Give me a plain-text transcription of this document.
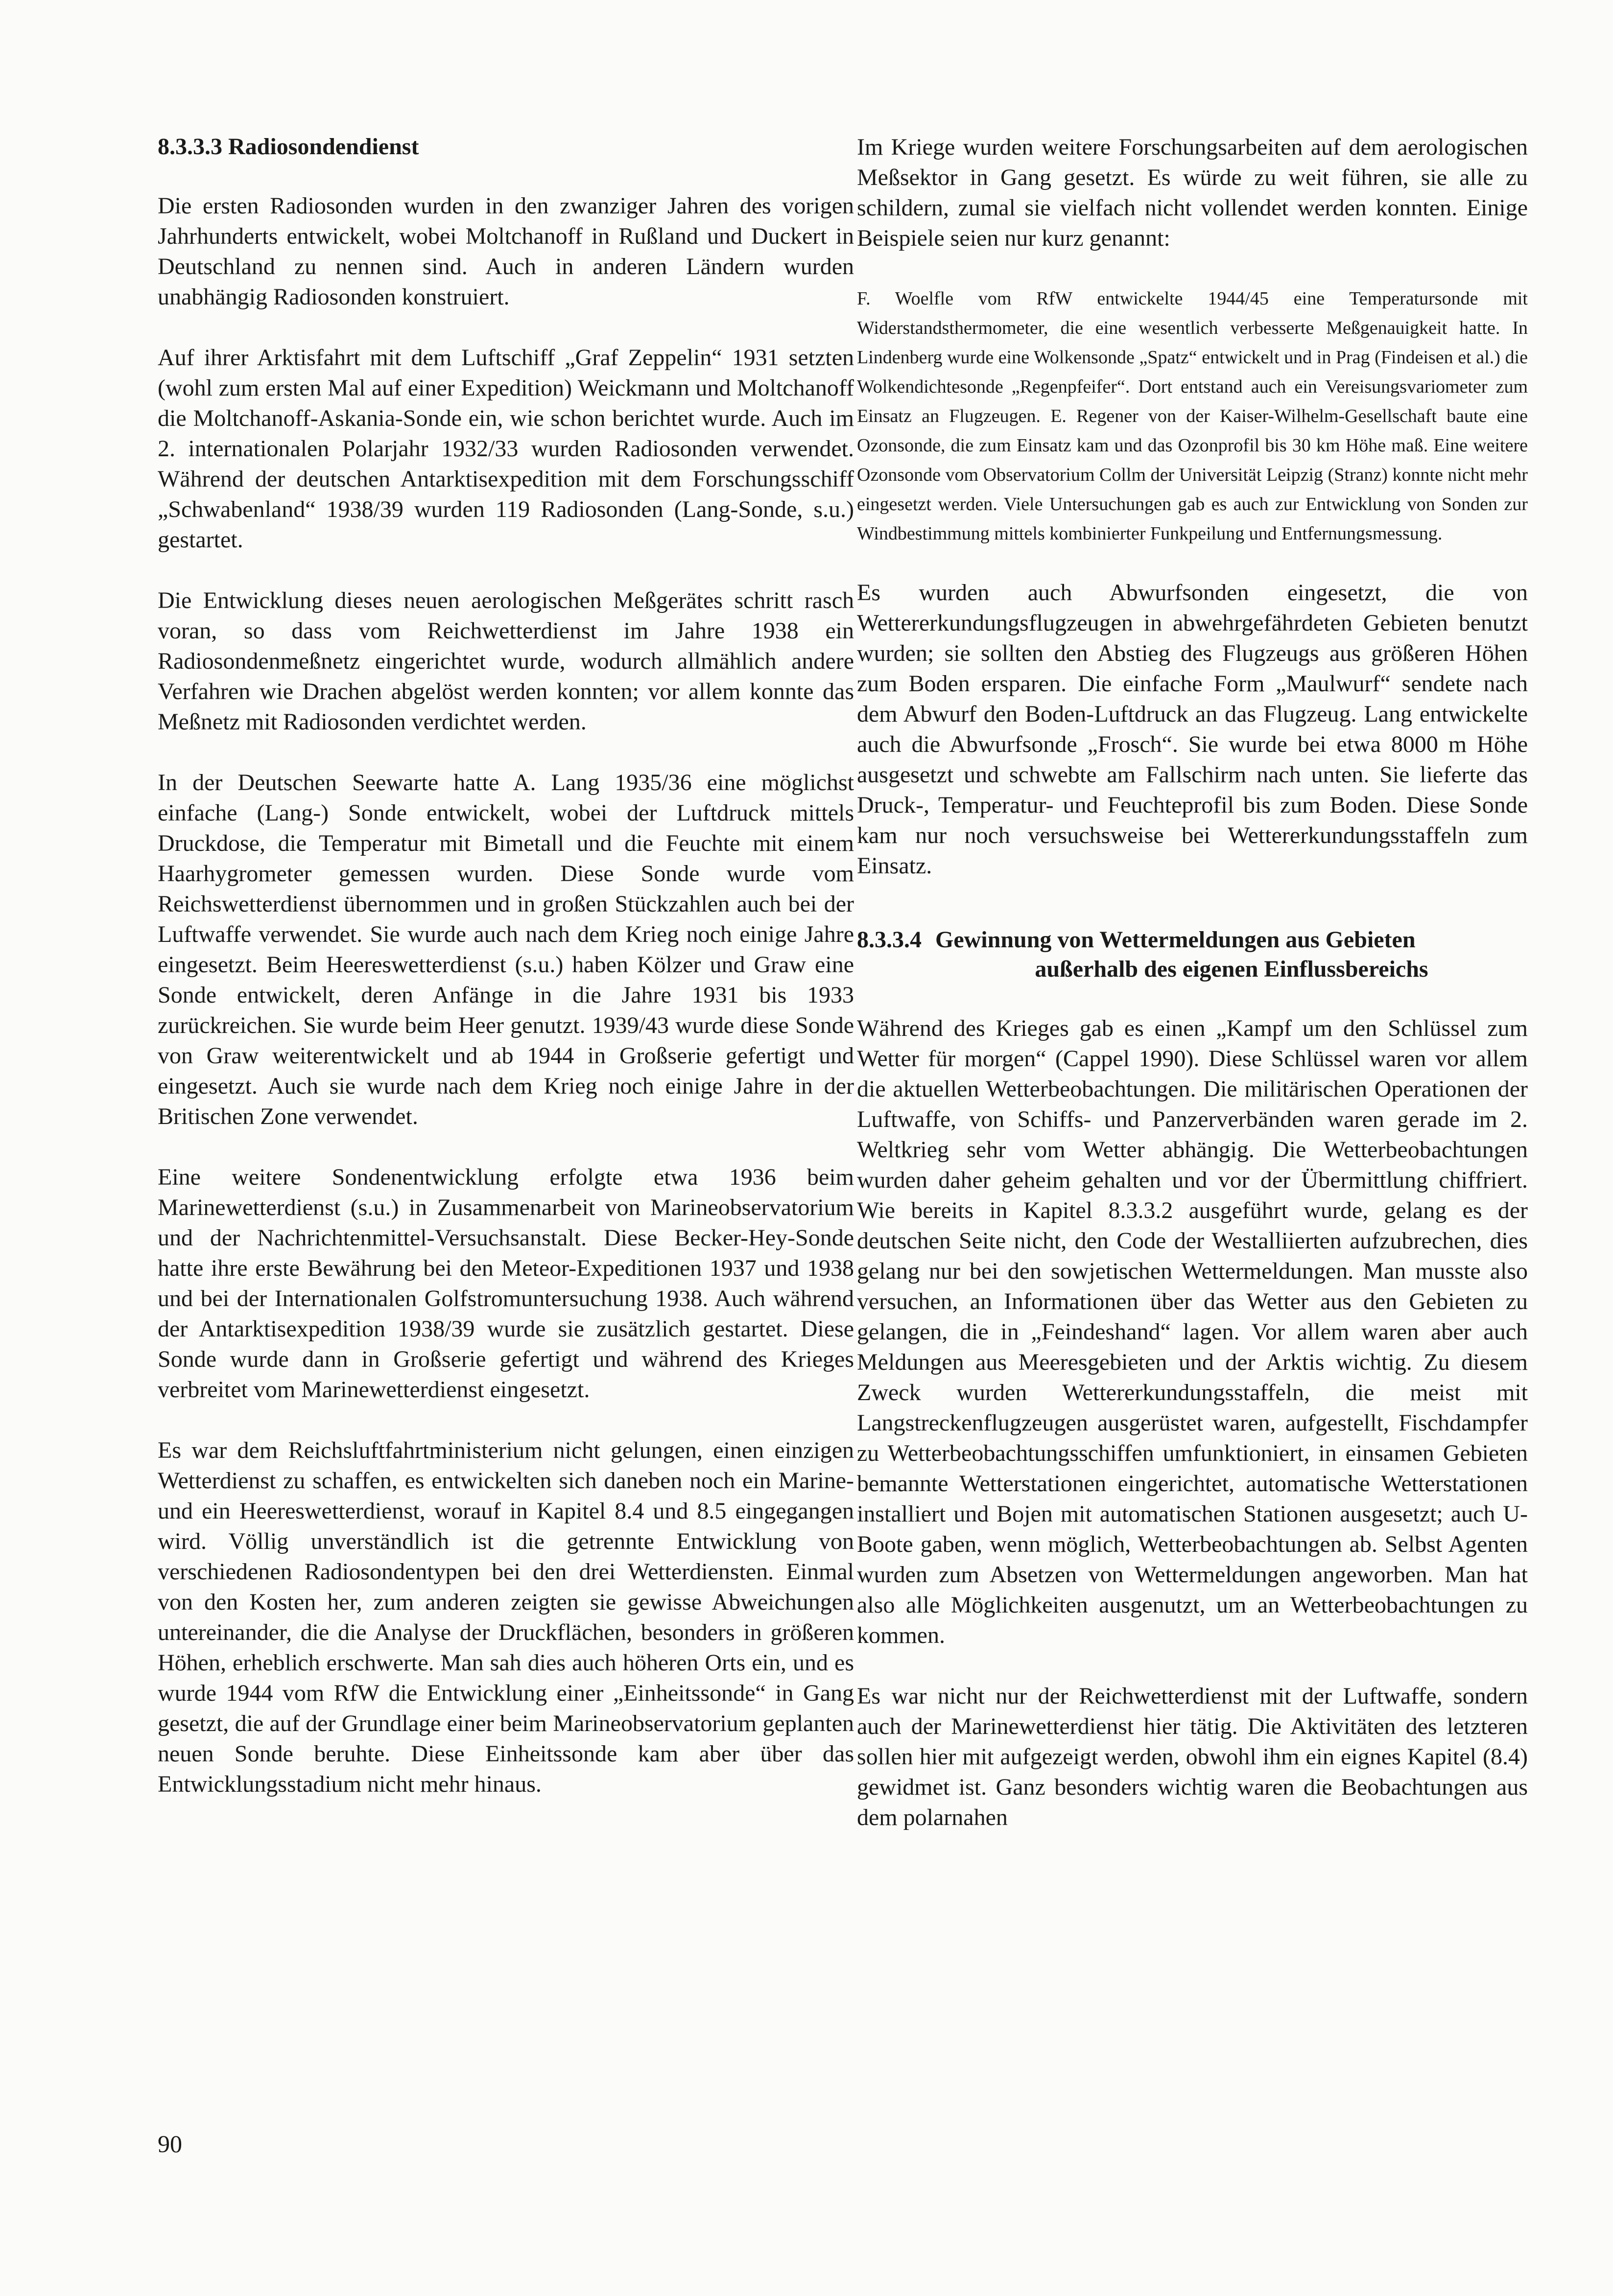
8.3.3.3 Radiosondendienst

Die ersten Radiosonden wurden in den zwanziger Jahren des vorigen Jahrhunderts entwickelt, wobei Moltchanoff in Rußland und Duckert in Deutschland zu nennen sind. Auch in anderen Ländern wurden unabhängig Radiosonden konstruiert.

Auf ihrer Arktisfahrt mit dem Luftschiff „Graf Zeppelin“ 1931 setzten (wohl zum ersten Mal auf einer Expedition) Weickmann und Moltchanoff die Moltchanoff-Askania-Sonde ein, wie schon berichtet wurde. Auch im 2. internationalen Polarjahr 1932/33 wurden Radiosonden verwendet. Während der deutschen Antarktisexpedition mit dem Forschungsschiff „Schwabenland“ 1938/39 wurden 119 Radiosonden (Lang-Sonde, s.u.) gestartet.

Die Entwicklung dieses neuen aerologischen Meßgerätes schritt rasch voran, so dass vom Reichwetterdienst im Jahre 1938 ein Radiosondenmeßnetz eingerichtet wurde, wodurch allmählich andere Verfahren wie Drachen abgelöst werden konnten; vor allem konnte das Meßnetz mit Radiosonden verdichtet werden.

In der Deutschen Seewarte hatte A. Lang 1935/36 eine möglichst einfache (Lang-) Sonde entwickelt, wobei der Luftdruck mittels Druckdose, die Temperatur mit Bimetall und die Feuchte mit einem Haarhygrometer gemessen wurden. Diese Sonde wurde vom Reichswetterdienst übernommen und in großen Stückzahlen auch bei der Luftwaffe verwendet. Sie wurde auch nach dem Krieg noch einige Jahre eingesetzt. Beim Heereswetterdienst (s.u.) haben Kölzer und Graw eine Sonde entwickelt, deren Anfänge in die Jahre 1931 bis 1933 zurückreichen. Sie wurde beim Heer genutzt. 1939/43 wurde diese Sonde von Graw weiterentwickelt und ab 1944 in Großserie gefertigt und eingesetzt. Auch sie wurde nach dem Krieg noch einige Jahre in der Britischen Zone verwendet.

Eine weitere Sondenentwicklung erfolgte etwa 1936 beim Marinewetterdienst (s.u.) in Zusammenarbeit von Marineobservatorium und der Nachrichtenmittel-Versuchsanstalt. Diese Becker-Hey-Sonde hatte ihre erste Bewährung bei den Meteor-Expeditionen 1937 und 1938 und bei der Internationalen Golfstromuntersuchung 1938. Auch während der Antarktisexpedition 1938/39 wurde sie zusätzlich gestartet. Diese Sonde wurde dann in Großserie gefertigt und während des Krieges verbreitet vom Marinewetterdienst eingesetzt.

Es war dem Reichsluftfahrtministerium nicht gelungen, einen einzigen Wetterdienst zu schaffen, es entwickelten sich daneben noch ein Marine- und ein Heereswetterdienst, worauf in Kapitel 8.4 und 8.5 eingegangen wird. Völlig unverständlich ist die getrennte Entwicklung von verschiedenen Radiosondentypen bei den drei Wetterdiensten. Einmal von den Kosten her, zum anderen zeigten sie gewisse Abweichungen untereinander, die die Analyse der Druckflächen, besonders in größeren Höhen, erheblich erschwerte. Man sah dies auch höheren Orts ein, und es wurde 1944 vom RfW die Entwicklung einer „Einheitssonde“ in Gang gesetzt, die auf der Grundlage einer beim Marineobservatorium geplanten neuen Sonde beruhte. Diese Einheitssonde kam aber über das Entwicklungsstadium nicht mehr hinaus.

Im Kriege wurden weitere Forschungsarbeiten auf dem aerologischen Meßsektor in Gang gesetzt. Es würde zu weit führen, sie alle zu schildern, zumal sie vielfach nicht vollendet werden konnten. Einige Beispiele seien nur kurz genannt:

F. Woelfle vom RfW entwickelte 1944/45 eine Temperatursonde mit Widerstandsthermometer, die eine wesentlich verbesserte Meßgenauigkeit hatte. In Lindenberg wurde eine Wolkensonde „Spatz“ entwickelt und in Prag (Findeisen et al.) die Wolkendichtesonde „Regenpfeifer“. Dort entstand auch ein Vereisungsvariometer zum Einsatz an Flugzeugen. E. Regener von der Kaiser-Wilhelm-Gesellschaft baute eine Ozonsonde, die zum Einsatz kam und das Ozonprofil bis 30 km Höhe maß. Eine weitere Ozonsonde vom Observatorium Collm der Universität Leipzig (Stranz) konnte nicht mehr eingesetzt werden. Viele Untersuchungen gab es auch zur Entwicklung von Sonden zur Windbestimmung mittels kombinierter Funkpeilung und Entfernungsmessung.

Es wurden auch Abwurfsonden eingesetzt, die von Wettererkundungsflugzeugen in abwehrgefährdeten Gebieten benutzt wurden; sie sollten den Abstieg des Flugzeugs aus größeren Höhen zum Boden ersparen. Die einfache Form „Maulwurf“ sendete nach dem Abwurf den Boden-Luftdruck an das Flugzeug. Lang entwickelte auch die Abwurfsonde „Frosch“. Sie wurde bei etwa 8000 m Höhe ausgesetzt und schwebte am Fallschirm nach unten. Sie lieferte das Druck-, Temperatur- und Feuchteprofil bis zum Boden. Diese Sonde kam nur noch versuchsweise bei Wettererkundungsstaffeln zum Einsatz.

8.3.3.4 Gewinnung von Wettermeldungen aus Gebieten
außerhalb des eigenen Einflussbereichs

Während des Krieges gab es einen „Kampf um den Schlüssel zum Wetter für morgen“ (Cappel 1990). Diese Schlüssel waren vor allem die aktuellen Wetterbeobachtungen. Die militärischen Operationen der Luftwaffe, von Schiffs- und Panzerverbänden waren gerade im 2. Weltkrieg sehr vom Wetter abhängig. Die Wetterbeobachtungen wurden daher geheim gehalten und vor der Übermittlung chiffriert. Wie bereits in Kapitel 8.3.3.2 ausgeführt wurde, gelang es der deutschen Seite nicht, den Code der Westalliierten aufzubrechen, dies gelang nur bei den sowjetischen Wettermeldungen. Man musste also versuchen, an Informationen über das Wetter aus den Gebieten zu gelangen, die in „Feindeshand“ lagen. Vor allem waren aber auch Meldungen aus Meeresgebieten und der Arktis wichtig. Zu diesem Zweck wurden Wettererkundungsstaffeln, die meist mit Langstreckenflugzeugen ausgerüstet waren, aufgestellt, Fischdampfer zu Wetterbeobachtungsschiffen umfunktioniert, in einsamen Gebieten bemannte Wetterstationen eingerichtet, automatische Wetterstationen installiert und Bojen mit automatischen Stationen ausgesetzt; auch U-Boote gaben, wenn möglich, Wetterbeobachtungen ab. Selbst Agenten wurden zum Absetzen von Wettermeldungen angeworben. Man hat also alle Möglichkeiten ausgenutzt, um an Wetterbeobachtungen zu kommen.

Es war nicht nur der Reichwetterdienst mit der Luftwaffe, sondern auch der Marinewetterdienst hier tätig. Die Aktivitäten des letzteren sollen hier mit aufgezeigt werden, obwohl ihm ein eignes Kapitel (8.4) gewidmet ist. Ganz besonders wichtig waren die Beobachtungen aus dem polarnahen

90
